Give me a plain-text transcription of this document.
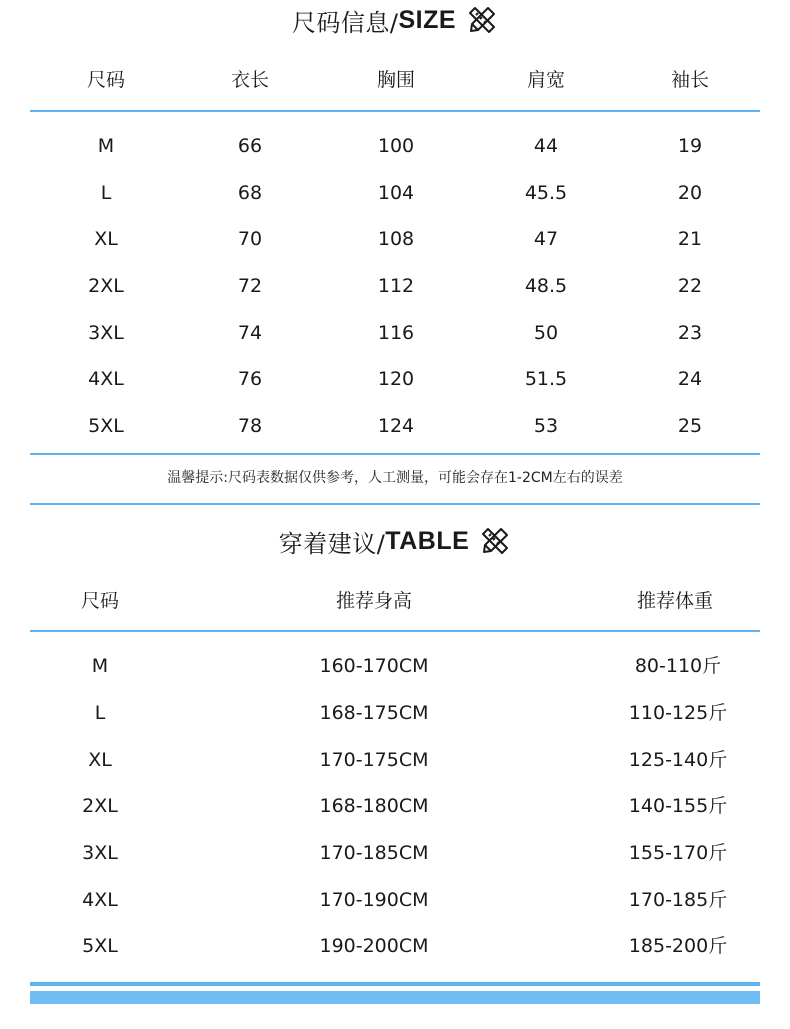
尺码信息/ SIZE
尺码	衣长	胸围	肩宽	袖长
M	66	100	44	19
L	68	104	45.5	20
XL	70	108	47	21
2XL	72	112	48.5	22
3XL	74	116	50	23
4XL	76	120	51.5	24
5XL	78	124	53	25
温馨提示:尺码表数据仅供参考，人工测量，可能会存在1-2CM左右的误差
穿着建议/ TABLE
尺码	推荐身高	推荐体重
M	160-170CM	80-110斤
L	168-175CM	110-125斤
XL	170-175CM	125-140斤
2XL	168-180CM	140-155斤
3XL	170-185CM	155-170斤
4XL	170-190CM	170-185斤
5XL	190-200CM	185-200斤
